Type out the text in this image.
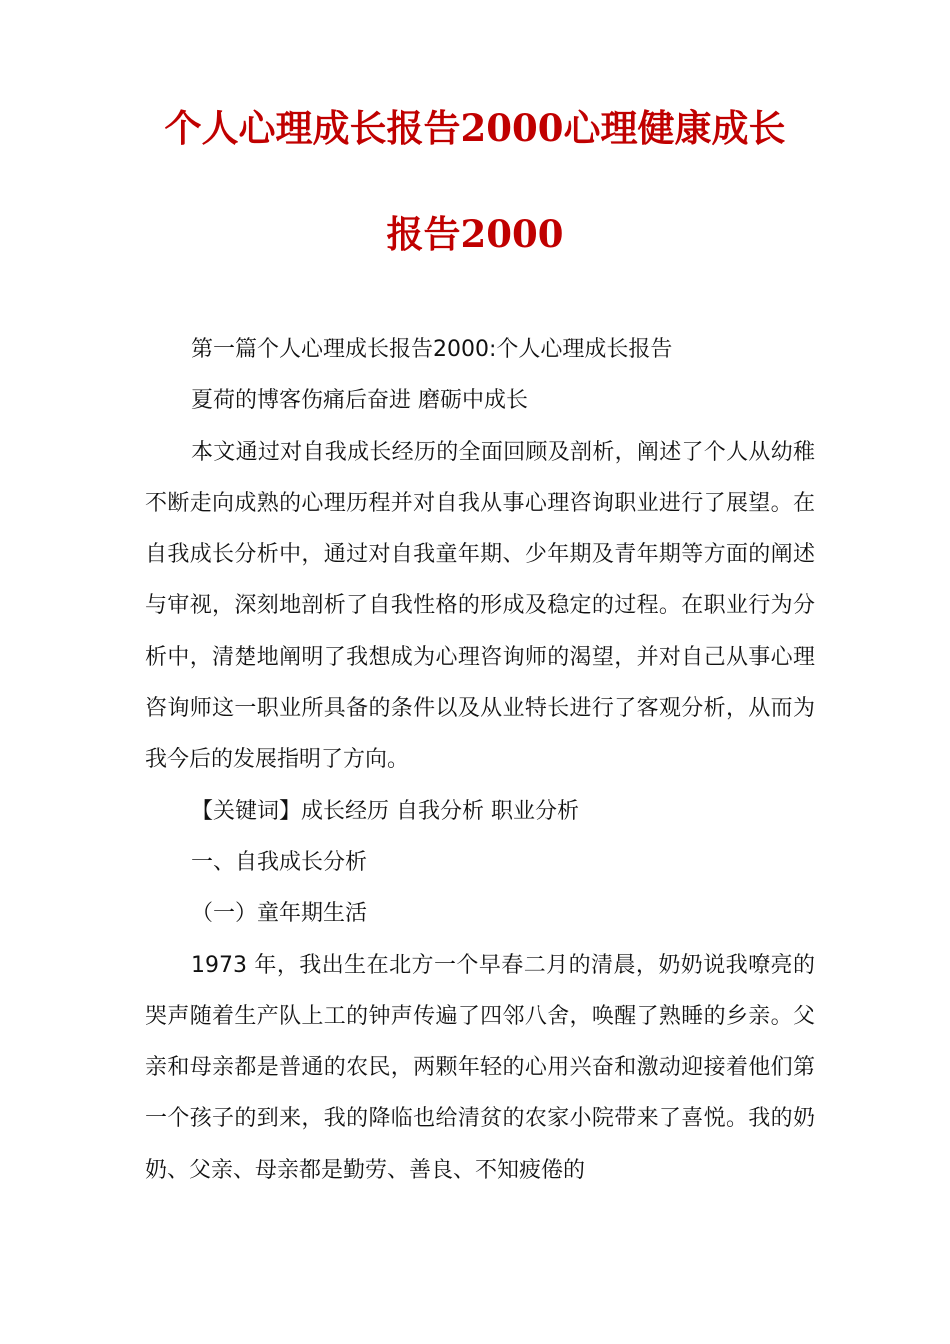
个人心理成长报告2000心理健康成长
报告2000

第一篇个人心理成长报告2000:个人心理成长报告

夏荷的博客伤痛后奋进 磨砺中成长

本文通过对自我成长经历的全面回顾及剖析，阐述了个人从幼稚不断走向成熟的心理历程并对自我从事心理咨询职业进行了展望。在自我成长分析中，通过对自我童年期、少年期及青年期等方面的阐述与审视，深刻地剖析了自我性格的形成及稳定的过程。在职业行为分析中，清楚地阐明了我想成为心理咨询师的渴望，并对自己从事心理咨询师这一职业所具备的条件以及从业特长进行了客观分析，从而为我今后的发展指明了方向。

【关键词】成长经历 自我分析 职业分析

一、自我成长分析

（一）童年期生活

1973 年，我出生在北方一个早春二月的清晨，奶奶说我嘹亮的哭声随着生产队上工的钟声传遍了四邻八舍，唤醒了熟睡的乡亲。父亲和母亲都是普通的农民，两颗年轻的心用兴奋和激动迎接着他们第一个孩子的到来，我的降临也给清贫的农家小院带来了喜悦。我的奶奶、父亲、母亲都是勤劳、善良、不知疲倦的
